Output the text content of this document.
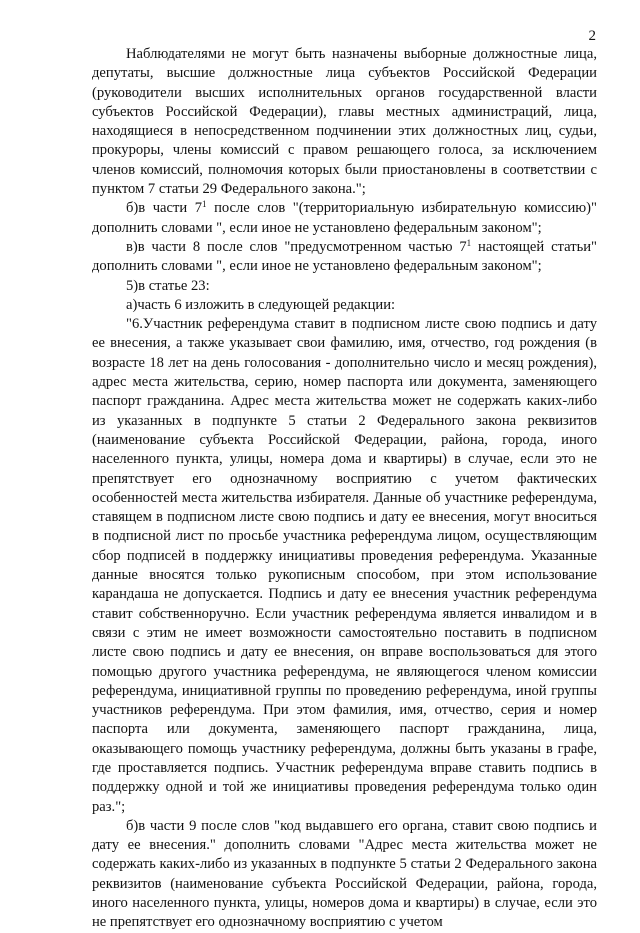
2

Наблюдателями не могут быть назначены выборные должностные лица, депутаты, высшие должностные лица субъектов Российской Федерации (руководители высших исполнительных органов государственной власти субъектов Российской Федерации), главы местных администраций, лица, находящиеся в непосредственном подчинении этих должностных лиц, судьи, прокуроры, члены комиссий с правом решающего голоса, за исключением членов комиссий, полномочия которых были приостановлены в соответствии с пунктом 7 статьи 29 Федерального закона.";

б)в части $7^1$ после слов "(территориальную избирательную комиссию)" дополнить словами ", если иное не установлено федеральным законом";

в)в части 8 после слов "предусмотренном частью $7^1$ настоящей статьи" дополнить словами ", если иное не установлено федеральным законом";

5)в статье 23:

а)часть 6 изложить в следующей редакции:

"6.Участник референдума ставит в подписном листе свою подпись и дату ее внесения, а также указывает свои фамилию, имя, отчество, год рождения (в возрасте 18 лет на день голосования - дополнительно число и месяц рождения), адрес места жительства, серию, номер паспорта или документа, заменяющего паспорт гражданина. Адрес места жительства может не содержать каких-либо из указанных в подпункте 5 статьи 2 Федерального закона реквизитов (наименование субъекта Российской Федерации, района, города, иного населенного пункта, улицы, номера дома и квартиры) в случае, если это не препятствует его однозначному восприятию с учетом фактических особенностей места жительства избирателя. Данные об участнике референдума, ставящем в подписном листе свою подпись и дату ее внесения, могут вноситься в подписной лист по просьбе участника референдума лицом, осуществляющим сбор подписей в поддержку инициативы проведения референдума. Указанные данные вносятся только рукописным способом, при этом использование карандаша не допускается. Подпись и дату ее внесения участник референдума ставит собственноручно. Если участник референдума является инвалидом и в связи с этим не имеет возможности самостоятельно поставить в подписном листе свою подпись и дату ее внесения, он вправе воспользоваться для этого помощью другого участника референдума, не являющегося членом комиссии референдума, инициативной группы по проведению референдума, иной группы участников референдума. При этом фамилия, имя, отчество, серия и номер паспорта или документа, заменяющего паспорт гражданина, лица, оказывающего помощь участнику референдума, должны быть указаны в графе, где проставляется подпись. Участник референдума вправе ставить подпись в поддержку одной и той же инициативы проведения референдума только один раз.";

б)в части 9 после слов "код выдавшего его органа, ставит свою подпись и дату ее внесения." дополнить словами "Адрес места жительства может не содержать каких-либо из указанных в подпункте 5 статьи 2 Федерального закона реквизитов (наименование субъекта Российской Федерации, района, города, иного населенного пункта, улицы, номеров дома и квартиры) в случае, если это не препятствует его однозначному восприятию с учетом
